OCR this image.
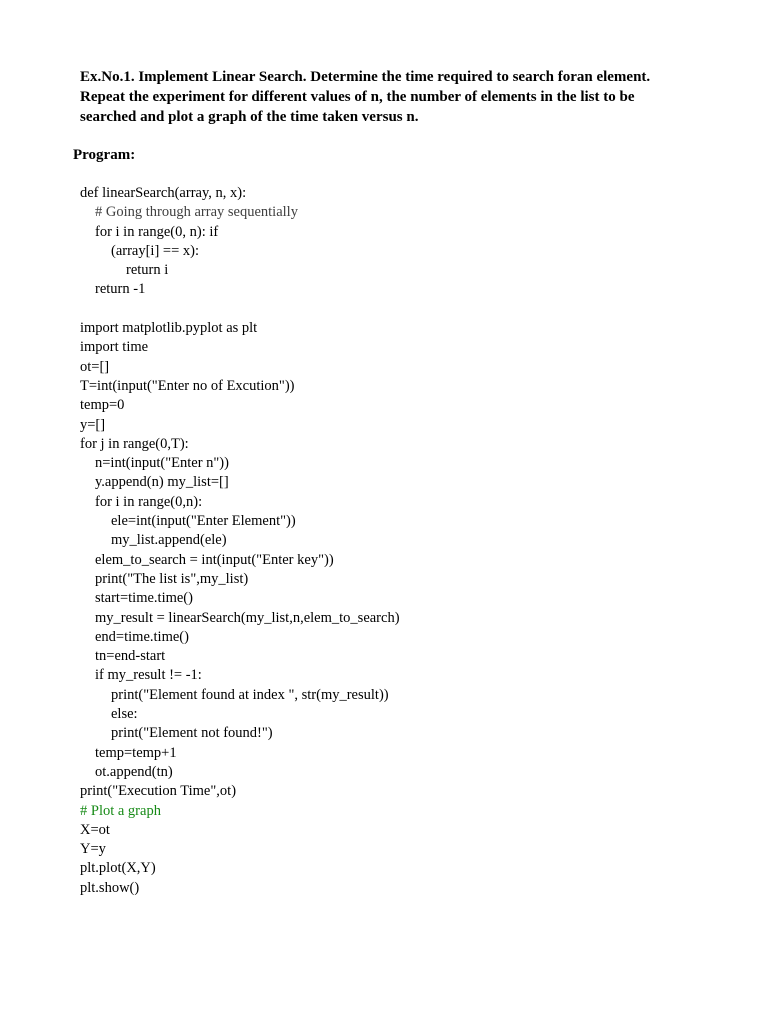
Ex.No.1. Implement Linear Search. Determine the time required to search foran element.
Repeat the experiment for different values of n, the number of elements in the list to be
searched and plot a graph of the time taken versus n.
Program:
def linearSearch(array, n, x):
# Going through array sequentially
for i in range(0, n): if
(array[i] == x):
return i
return -1
import matplotlib.pyplot as plt
import time
ot=[]
T=int(input("Enter no of Excution"))
temp=0
y=[]
for j in range(0,T):
n=int(input("Enter n"))
y.append(n) my_list=[]
for i in range(0,n):
ele=int(input("Enter Element"))
my_list.append(ele)
elem_to_search = int(input("Enter key"))
print("The list is",my_list)
start=time.time()
my_result = linearSearch(my_list,n,elem_to_search)
end=time.time()
tn=end-start
if my_result != -1:
print("Element found at index ", str(my_result))
else:
print("Element not found!")
temp=temp+1
ot.append(tn)
print("Execution Time",ot)
# Plot a graph
X=ot
Y=y
plt.plot(X,Y)
plt.show()
